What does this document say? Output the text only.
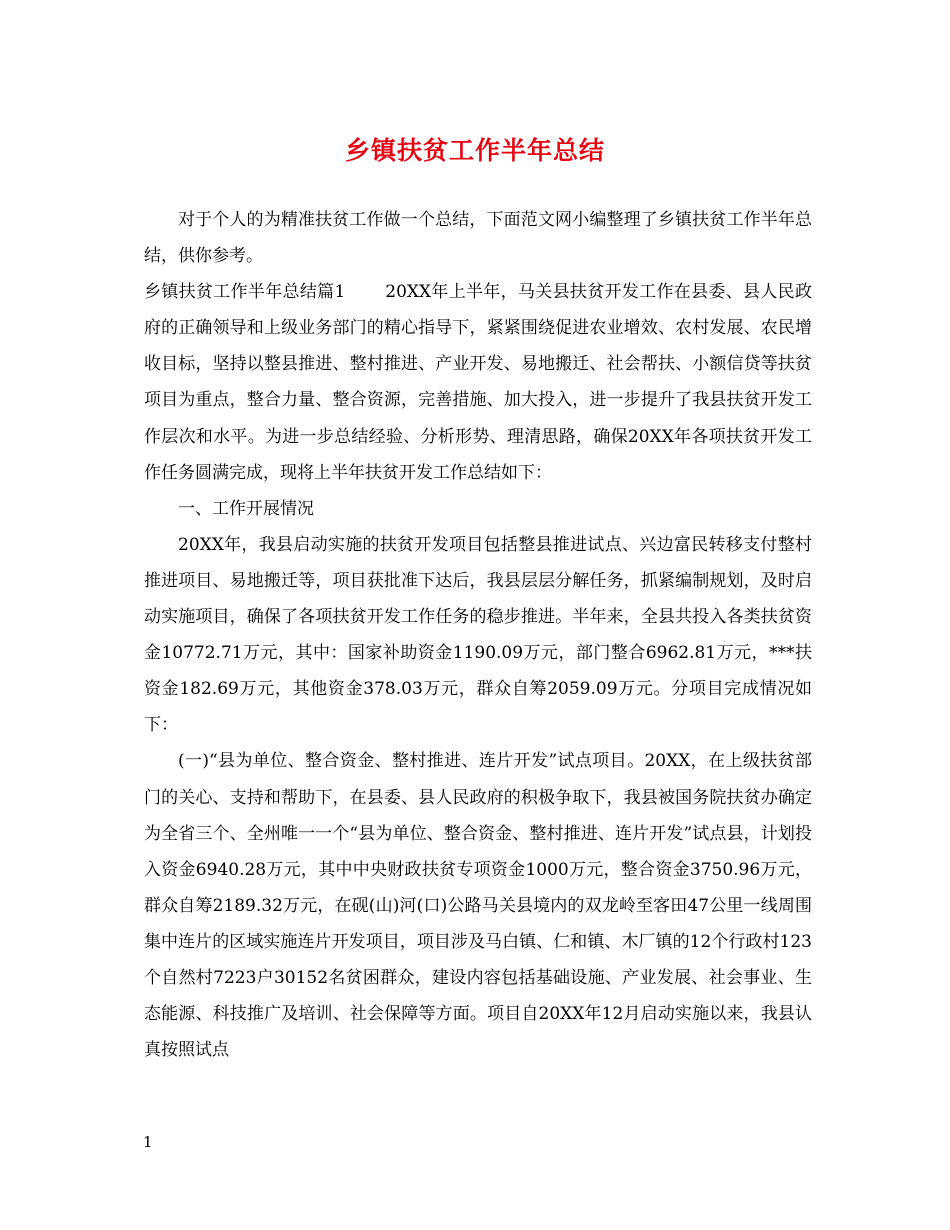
乡镇扶贫工作半年总结

对于个人的为精准扶贫工作做一个总结，下面范文网小编整理了乡镇扶贫工作半年总结，供你参考。

乡镇扶贫工作半年总结篇1 20XX年上半年，马关县扶贫开发工作在县委、县人民政府的正确领导和上级业务部门的精心指导下，紧紧围绕促进农业增效、农村发展、农民增收目标，坚持以整县推进、整村推进、产业开发、易地搬迁、社会帮扶、小额信贷等扶贫项目为重点，整合力量、整合资源，完善措施、加大投入，进一步提升了我县扶贫开发工作层次和水平。为进一步总结经验、分析形势、理清思路，确保20XX年各项扶贫开发工作任务圆满完成，现将上半年扶贫开发工作总结如下：

一、工作开展情况

20XX年，我县启动实施的扶贫开发项目包括整县推进试点、兴边富民转移支付整村推进项目、易地搬迁等，项目获批准下达后，我县层层分解任务，抓紧编制规划，及时启动实施项目，确保了各项扶贫开发工作任务的稳步推进。半年来，全县共投入各类扶贫资金10772.71万元，其中：国家补助资金1190.09万元，部门整合6962.81万元，***扶资金182.69万元，其他资金378.03万元，群众自筹2059.09万元。分项目完成情况如下：

(一)“县为单位、整合资金、整村推进、连片开发”试点项目。20XX，在上级扶贫部门的关心、支持和帮助下，在县委、县人民政府的积极争取下，我县被国务院扶贫办确定为全省三个、全州唯一一个“县为单位、整合资金、整村推进、连片开发”试点县，计划投入资金6940.28万元，其中中央财政扶贫专项资金1000万元，整合资金3750.96万元，群众自筹2189.32万元，在砚(山)河(口)公路马关县境内的双龙岭至客田47公里一线周围集中连片的区域实施连片开发项目，项目涉及马白镇、仁和镇、木厂镇的12个行政村123个自然村7223户30152名贫困群众，建设内容包括基础设施、产业发展、社会事业、生态能源、科技推广及培训、社会保障等方面。项目自20XX年12月启动实施以来，我县认真按照试点

1
